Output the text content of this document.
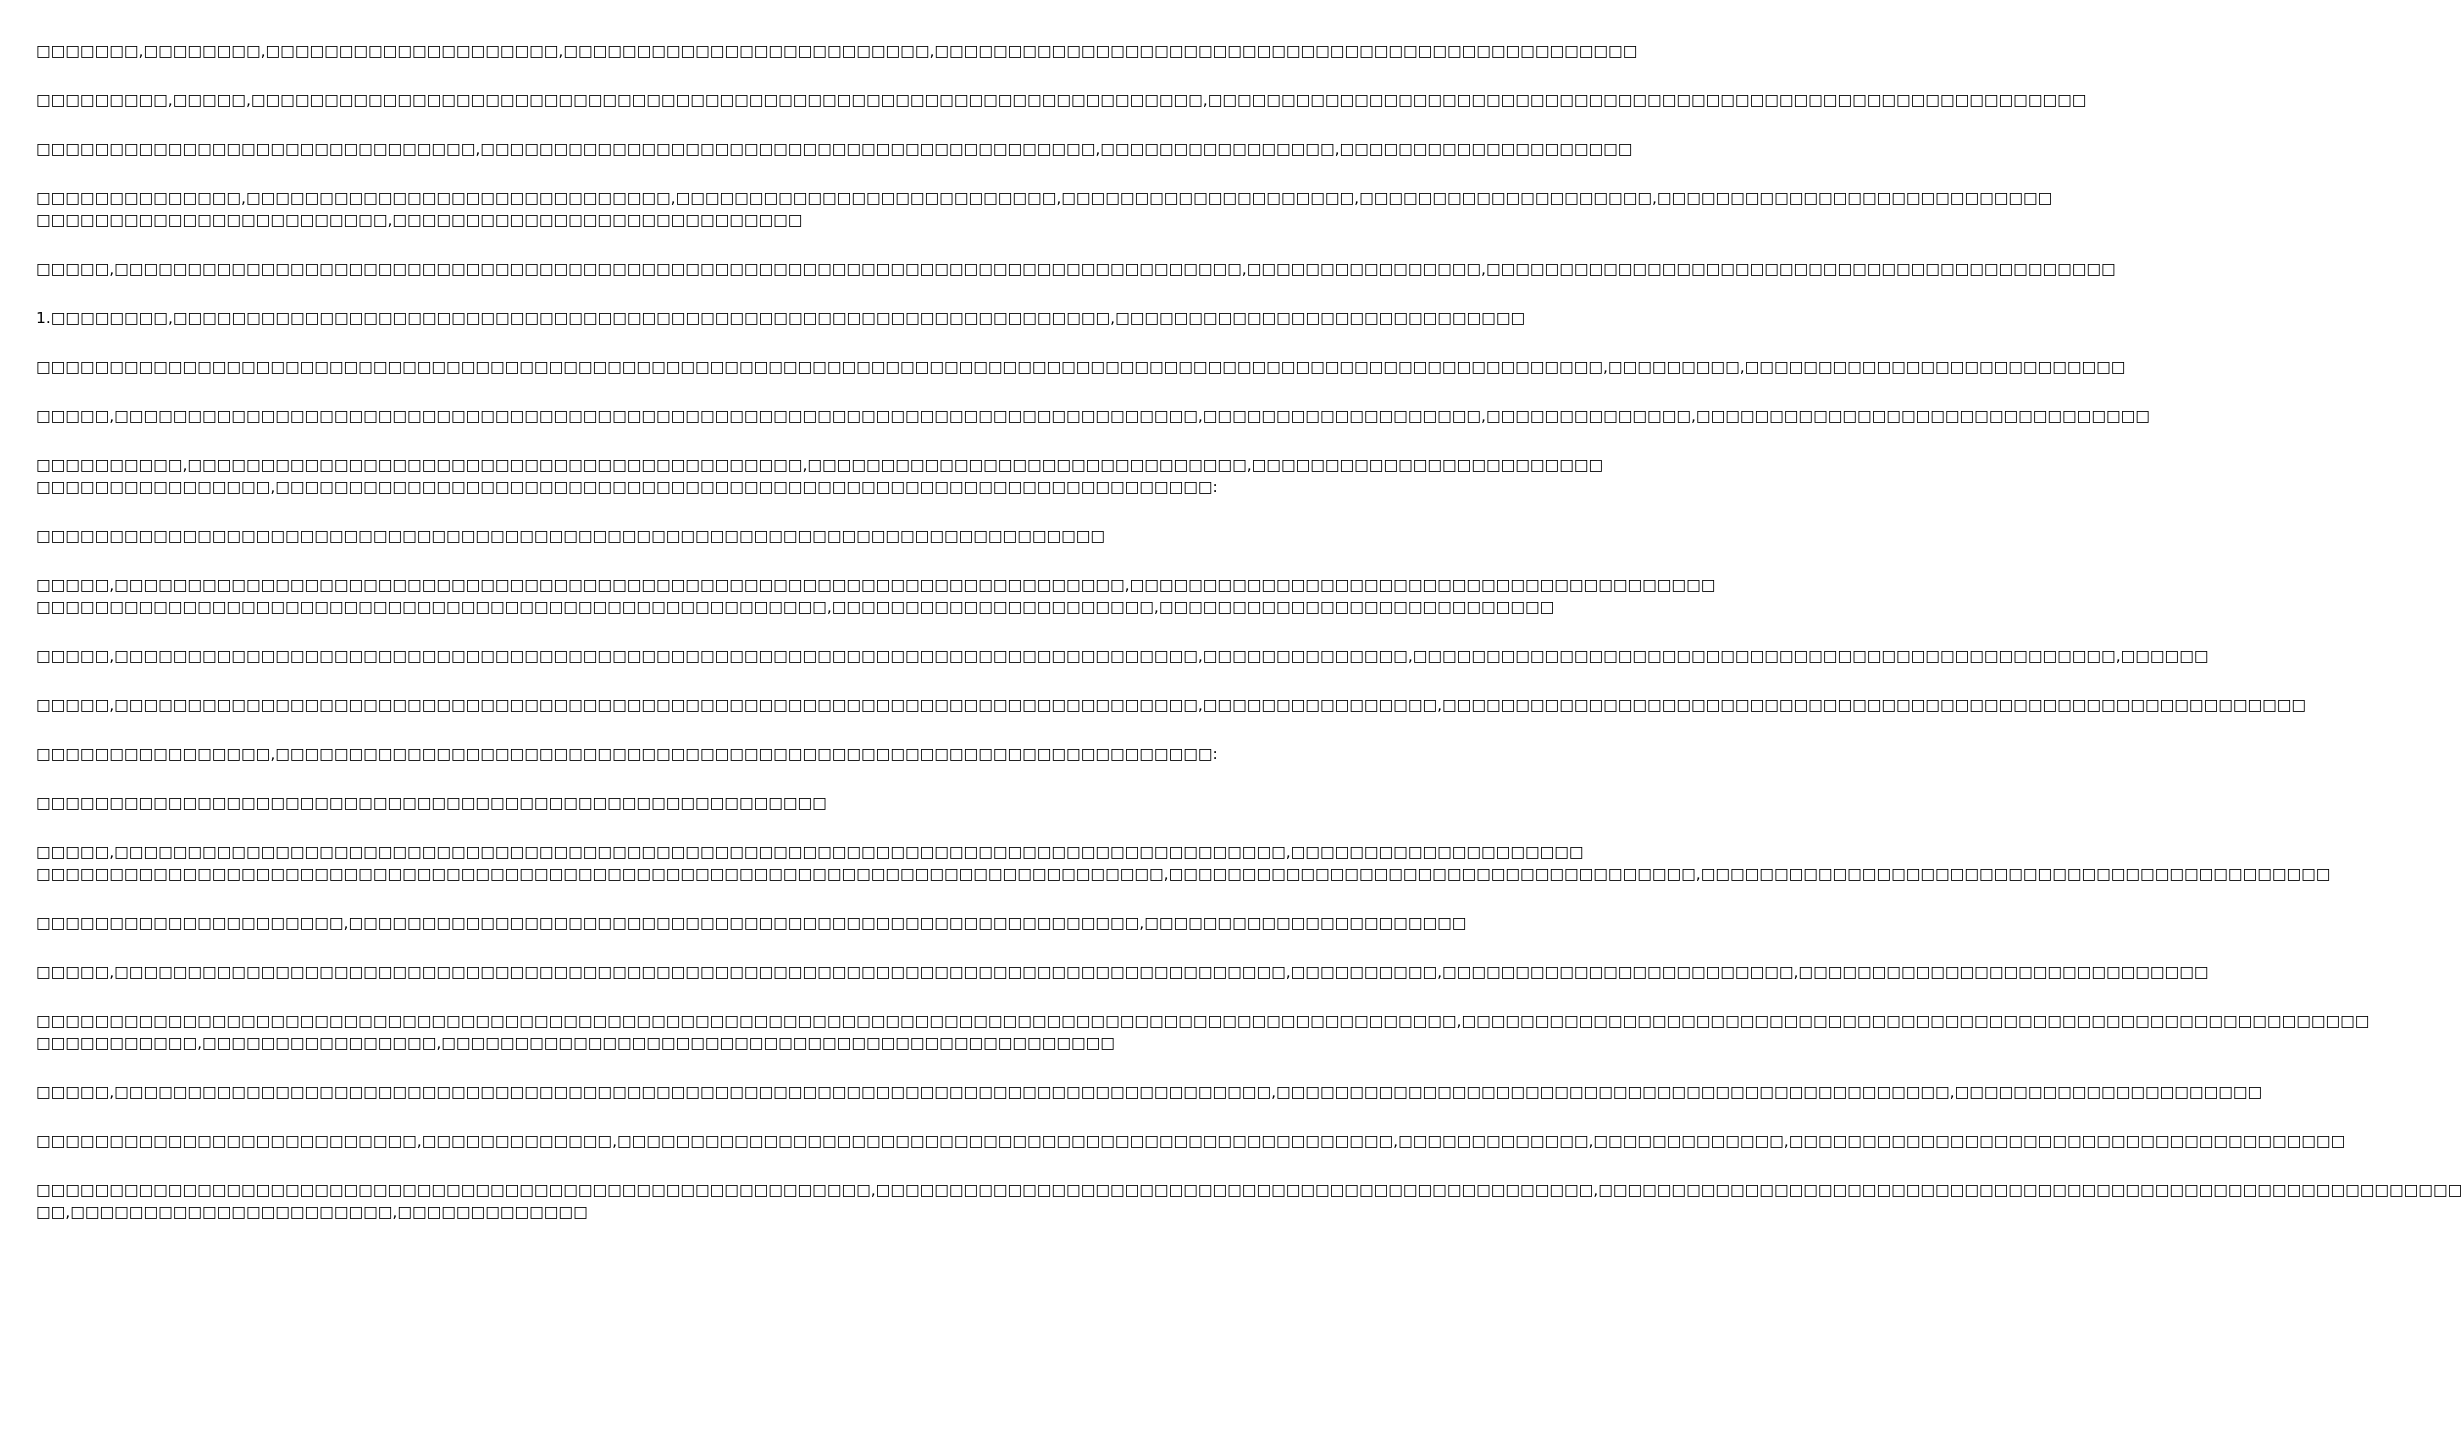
□□□□□□□,□□□□□□□□,□□□□□□□□□□□□□□□□□□□□,□□□□□□□□□□□□□□□□□□□□□□□□□,□□□□□□□□□□□□□□□□□□□□□□□□□□□□□□□□□□□□□□□□□□□□□□□□
□□□□□□□□□,□□□□□,□□□□□□□□□□□□□□□□□□□□□□□□□□□□□□□□□□□□□□□□□□□□□□□□□□□□□□□□□□□□□□□□□,□□□□□□□□□□□□□□□□□□□□□□□□□□□□□□□□□□□□□□□□□□□□□□□□□□□□□□□□□□□□
□□□□□□□□□□□□□□□□□□□□□□□□□□□□□□,□□□□□□□□□□□□□□□□□□□□□□□□□□□□□□□□□□□□□□□□□□,□□□□□□□□□□□□□□□□,□□□□□□□□□□□□□□□□□□□□
□□□□□□□□□□□□□□,□□□□□□□□□□□□□□□□□□□□□□□□□□□□□,□□□□□□□□□□□□□□□□□□□□□□□□□□,□□□□□□□□□□□□□□□□□□□□,□□□□□□□□□□□□□□□□□□□□,□□□□□□□□□□□□□□□□□□□□□□□□□□□
□□□□□□□□□□□□□□□□□□□□□□□□,□□□□□□□□□□□□□□□□□□□□□□□□□□□□
□□□□□,□□□□□□□□□□□□□□□□□□□□□□□□□□□□□□□□□□□□□□□□□□□□□□□□□□□□□□□□□□□□□□□□□□□□□□□□□□□□□,□□□□□□□□□□□□□□□□,□□□□□□□□□□□□□□□□□□□□□□□□□□□□□□□□□□□□□□□□□□□
1.□□□□□□□□,□□□□□□□□□□□□□□□□□□□□□□□□□□□□□□□□□□□□□□□□□□□□□□□□□□□□□□□□□□□□□□□□,□□□□□□□□□□□□□□□□□□□□□□□□□□□□
□□□□□□□□□□□□□□□□□□□□□□□□□□□□□□□□□□□□□□□□□□□□□□□□□□□□□□□□□□□□□□□□□□□□□□□□□□□□□□□□□□□□□□□□□□□□□□□□□□□□□□□□□□□,□□□□□□□□□,□□□□□□□□□□□□□□□□□□□□□□□□□□
□□□□□,□□□□□□□□□□□□□□□□□□□□□□□□□□□□□□□□□□□□□□□□□□□□□□□□□□□□□□□□□□□□□□□□□□□□□□□□□□,□□□□□□□□□□□□□□□□□□□,□□□□□□□□□□□□□□,□□□□□□□□□□□□□□□□□□□□□□□□□□□□□□□
□□□□□□□□□□,□□□□□□□□□□□□□□□□□□□□□□□□□□□□□□□□□□□□□□□□□□,□□□□□□□□□□□□□□□□□□□□□□□□□□□□□□,□□□□□□□□□□□□□□□□□□□□□□□□
□□□□□□□□□□□□□□□□,□□□□□□□□□□□□□□□□□□□□□□□□□□□□□□□□□□□□□□□□□□□□□□□□□□□□□□□□□□□□□□□□:
□□□□□□□□□□□□□□□□□□□□□□□□□□□□□□□□□□□□□□□□□□□□□□□□□□□□□□□□□□□□□□□□□□□□□□□□□
□□□□□,□□□□□□□□□□□□□□□□□□□□□□□□□□□□□□□□□□□□□□□□□□□□□□□□□□□□□□□□□□□□□□□□□□□□□,□□□□□□□□□□□□□□□□□□□□□□□□□□□□□□□□□□□□□□□□
□□□□□□□□□□□□□□□□□□□□□□□□□□□□□□□□□□□□□□□□□□□□□□□□□□□□□□,□□□□□□□□□□□□□□□□□□□□□□,□□□□□□□□□□□□□□□□□□□□□□□□□□□
□□□□□,□□□□□□□□□□□□□□□□□□□□□□□□□□□□□□□□□□□□□□□□□□□□□□□□□□□□□□□□□□□□□□□□□□□□□□□□□□,□□□□□□□□□□□□□□,□□□□□□□□□□□□□□□□□□□□□□□□□□□□□□□□□□□□□□□□□□□□□□□□,□□□□□□
□□□□□,□□□□□□□□□□□□□□□□□□□□□□□□□□□□□□□□□□□□□□□□□□□□□□□□□□□□□□□□□□□□□□□□□□□□□□□□□□,□□□□□□□□□□□□□□□□,□□□□□□□□□□□□□□□□□□□□□□□□□□□□□□□□□□□□□□□□□□□□□□□□□□□□□□□□□□□
□□□□□□□□□□□□□□□□,□□□□□□□□□□□□□□□□□□□□□□□□□□□□□□□□□□□□□□□□□□□□□□□□□□□□□□□□□□□□□□□□:
□□□□□□□□□□□□□□□□□□□□□□□□□□□□□□□□□□□□□□□□□□□□□□□□□□□□□□
□□□□□,□□□□□□□□□□□□□□□□□□□□□□□□□□□□□□□□□□□□□□□□□□□□□□□□□□□□□□□□□□□□□□□□□□□□□□□□□□□□□□□□,□□□□□□□□□□□□□□□□□□□□
□□□□□□□□□□□□□□□□□□□□□□□□□□□□□□□□□□□□□□□□□□□□□□□□□□□□□□□□□□□□□□□□□□□□□□□□□□□□□,□□□□□□□□□□□□□□□□□□□□□□□□□□□□□□□□□□□□,□□□□□□□□□□□□□□□□□□□□□□□□□□□□□□□□□□□□□□□□□□□
□□□□□□□□□□□□□□□□□□□□□,□□□□□□□□□□□□□□□□□□□□□□□□□□□□□□□□□□□□□□□□□□□□□□□□□□□□□□,□□□□□□□□□□□□□□□□□□□□□□
□□□□□,□□□□□□□□□□□□□□□□□□□□□□□□□□□□□□□□□□□□□□□□□□□□□□□□□□□□□□□□□□□□□□□□□□□□□□□□□□□□□□□□,□□□□□□□□□□,□□□□□□□□□□□□□□□□□□□□□□□□,□□□□□□□□□□□□□□□□□□□□□□□□□□□□
□□□□□□□□□□□□□□□□□□□□□□□□□□□□□□□□□□□□□□□□□□□□□□□□□□□□□□□□□□□□□□□□□□□□□□□□□□□□□□□□□□□□□□□□□□□□□□□□□,□□□□□□□□□□□□□□□□□□□□□□□□□□□□□□□□□□□□□□□□□□□□□□□□□□□□□□□□□□□□□□
□□□□□□□□□□□,□□□□□□□□□□□□□□□□,□□□□□□□□□□□□□□□□□□□□□□□□□□□□□□□□□□□□□□□□□□□□□□
□□□□□,□□□□□□□□□□□□□□□□□□□□□□□□□□□□□□□□□□□□□□□□□□□□□□□□□□□□□□□□□□□□□□□□□□□□□□□□□□□□□□□,□□□□□□□□□□□□□□□□□□□□□□□□□□□□□□□□□□□□□□□□□□□□□□,□□□□□□□□□□□□□□□□□□□□□
□□□□□□□□□□□□□□□□□□□□□□□□□□,□□□□□□□□□□□□□,□□□□□□□□□□□□□□□□□□□□□□□□□□□□□□□□□□□□□□□□□□□□□□□□□□□□□,□□□□□□□□□□□□□,□□□□□□□□□□□□□,□□□□□□□□□□□□□□□□□□□□□□□□□□□□□□□□□□□□□□
□□□□□□□□□□□□□□□□□□□□□□□□□□□□□□□□□□□□□□□□□□□□□□□□□□□□□□□□□,□□□□□□□□□□□□□□□□□□□□□□□□□□□□□□□□□□□□□□□□□□□□□□□□□,□□□□□□□□□□□□□□□□□□□□□□□□□□□□□□□□□□□□□□□□□□□□□□□□□□□□□□□□□□□
□□,□□□□□□□□□□□□□□□□□□□□□□,□□□□□□□□□□□□□
